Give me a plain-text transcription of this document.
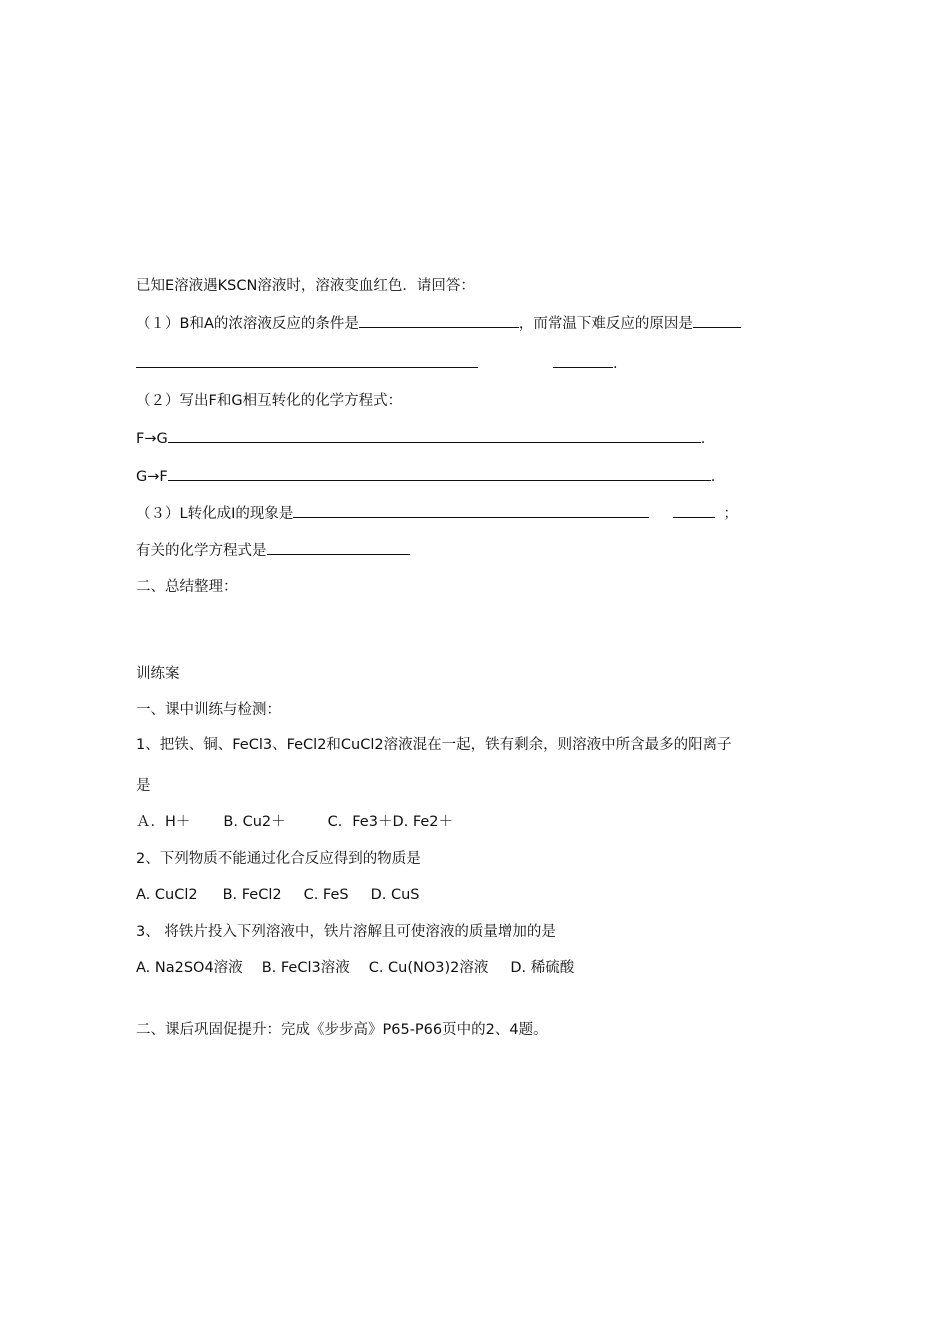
已知E溶液遇KSCN溶液时，溶液变血红色．请回答：
（１）B和A的浓溶液反应的条件是	，而常温下难反应的原因是
.
（２）写出F和G相互转化的化学方程式：
F→G	.
G→F	.
（３）L转化成I的现象是	；
有关的化学方程式是
二、总结整理：
训练案
一、课中训练与检测：
1、把铁、铜、FeCl3、FeCl2和CuCl2溶液混在一起，铁有剩余，则溶液中所含最多的阳离子
是
Ａ．H＋ B. Cu2＋	C．Fe3＋D. Fe2＋
2、下列物质不能通过化合反应得到的物质是
A. CuCl2 B. FeCl2 C. FeS D. CuS
3、 将铁片投入下列溶液中，铁片溶解且可使溶液的质量增加的是
A. Na2SO4溶液 B. FeCl3溶液 C. Cu(NO3)2溶液 D. 稀硫酸
二、课后巩固促提升：完成《步步高》P65-P66页中的2、4题。
